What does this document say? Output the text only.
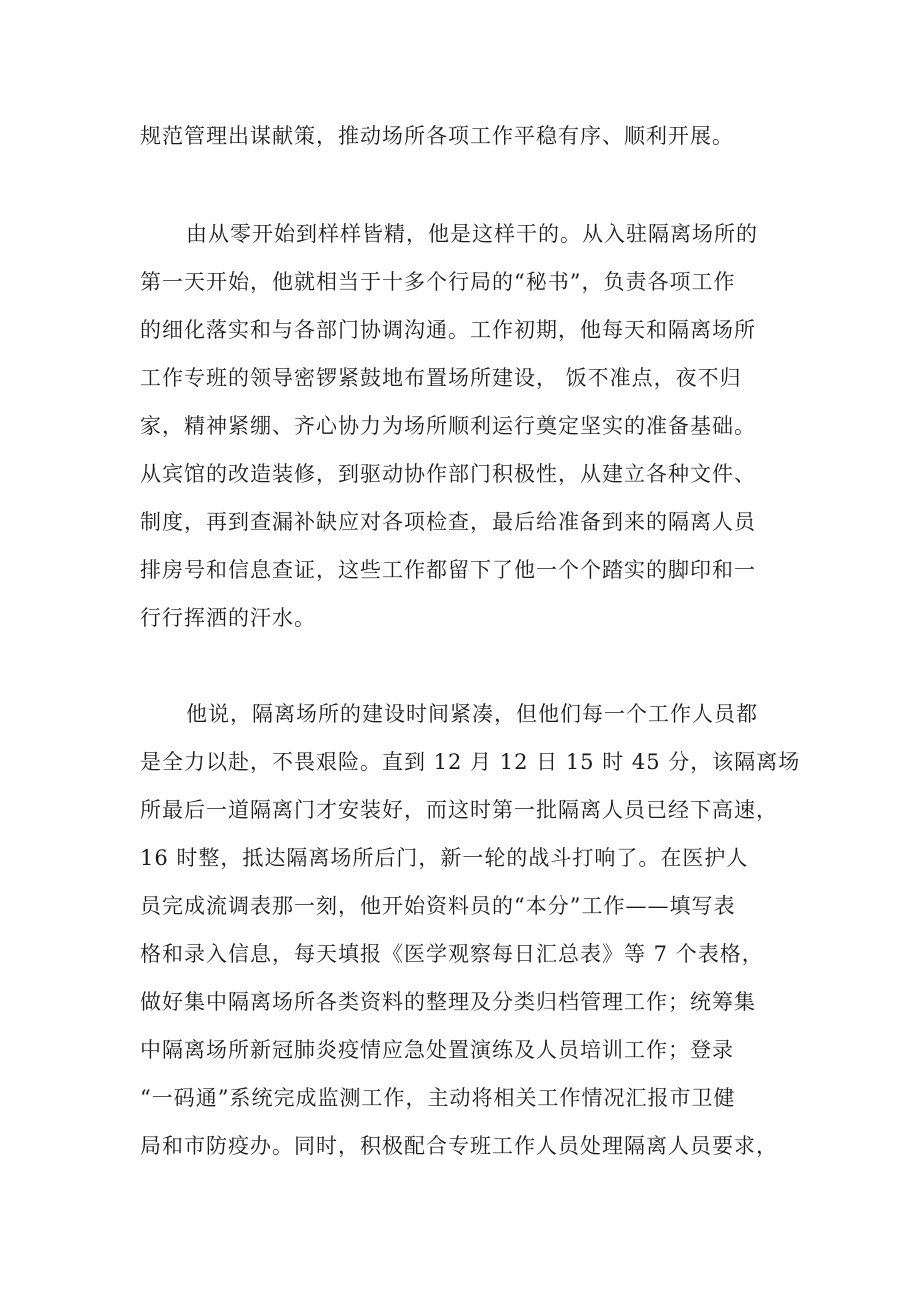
规范管理出谋献策，推动场所各项工作平稳有序、顺利开展。
由从零开始到样样皆精，他是这样干的。从入驻隔离场所的
第一天开始，他就相当于十多个行局的“秘书”，负责各项工作
的细化落实和与各部门协调沟通。工作初期，他每天和隔离场所
工作专班的领导密锣紧鼓地布置场所建设， 饭不准点，夜不归
家，精神紧绷、齐心协力为场所顺利运行奠定坚实的准备基础。
从宾馆的改造装修，到驱动协作部门积极性，从建立各种文件、
制度，再到查漏补缺应对各项检查，最后给准备到来的隔离人员
排房号和信息查证，这些工作都留下了他一个个踏实的脚印和一
行行挥洒的汗水。
他说，隔离场所的建设时间紧凑，但他们每一个工作人员都
是全力以赴，不畏艰险。直到 12 月 12 日 15 时 45 分，该隔离场
所最后一道隔离门才安装好，而这时第一批隔离人员已经下高速，
16 时整，抵达隔离场所后门，新一轮的战斗打响了。在医护人
员完成流调表那一刻，他开始资料员的“本分”工作——填写表
格和录入信息，每天填报《医学观察每日汇总表》等 7 个表格，
做好集中隔离场所各类资料的整理及分类归档管理工作；统筹集
中隔离场所新冠肺炎疫情应急处置演练及人员培训工作；登录
“一码通”系统完成监测工作，主动将相关工作情况汇报市卫健
局和市防疫办。同时，积极配合专班工作人员处理隔离人员要求，
